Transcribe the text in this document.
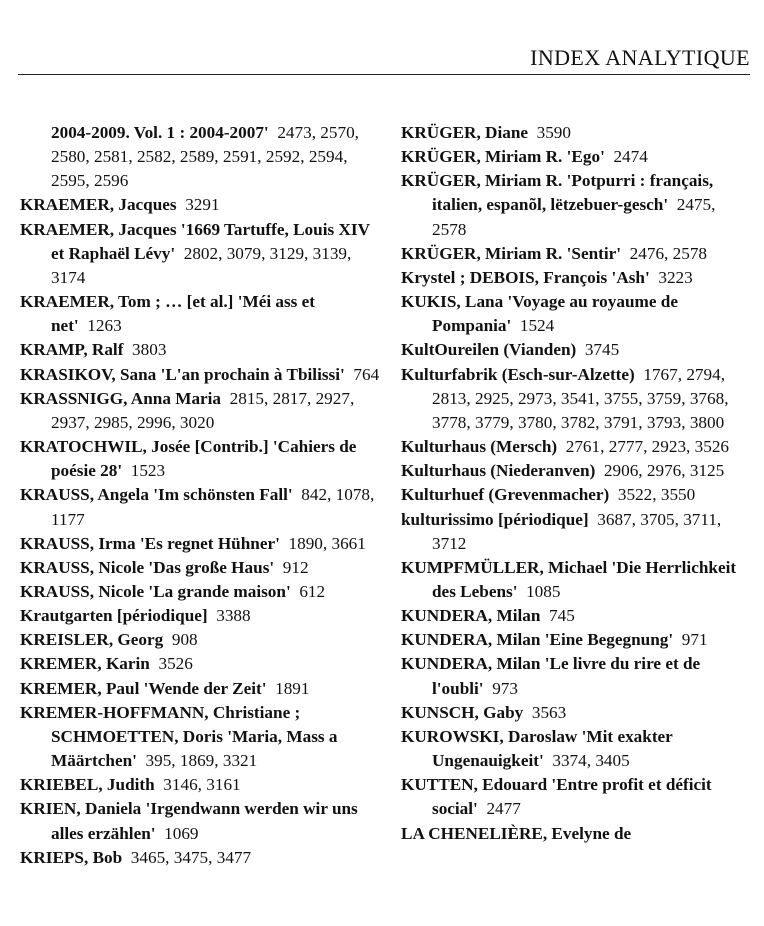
INDEX ANALYTIQUE

2004-2009. Vol. 1 : 2004-2007' 2473, 2570, 2580, 2581, 2582, 2589, 2591, 2592, 2594, 2595, 2596

KRAEMER, Jacques 3291

KRAEMER, Jacques '1669 Tartuffe, Louis XIV et Raphaël Lévy' 2802, 3079, 3129, 3139, 3174

KRAEMER, Tom ; … [et al.] 'Méi ass et net' 1263

KRAMP, Ralf 3803

KRASIKOV, Sana 'L'an prochain à Tbilissi' 764

KRASSNIGG, Anna Maria 2815, 2817, 2927, 2937, 2985, 2996, 3020

KRATOCHWIL, Josée [Contrib.] 'Cahiers de poésie 28' 1523

KRAUSS, Angela 'Im schönsten Fall' 842, 1078, 1177

KRAUSS, Irma 'Es regnet Hühner' 1890, 3661

KRAUSS, Nicole 'Das große Haus' 912

KRAUSS, Nicole 'La grande maison' 612

Krautgarten [périodique] 3388

KREISLER, Georg 908

KREMER, Karin 3526

KREMER, Paul 'Wende der Zeit' 1891

KREMER-HOFFMANN, Christiane ; SCHMOETTEN, Doris 'Maria, Mass a Määrtchen' 395, 1869, 3321

KRIEBEL, Judith 3146, 3161

KRIEN, Daniela 'Irgendwann werden wir uns alles erzählen' 1069

KRIEPS, Bob 3465, 3475, 3477

KRÜGER, Diane 3590

KRÜGER, Miriam R. 'Ego' 2474

KRÜGER, Miriam R. 'Potpurri : français, italien, espanõl, lëtzebuer-gesch' 2475, 2578

KRÜGER, Miriam R. 'Sentir' 2476, 2578

Krystel ; DEBOIS, François 'Ash' 3223

KUKIS, Lana 'Voyage au royaume de Pompania' 1524

KultOureilen (Vianden) 3745

Kulturfabrik (Esch-sur-Alzette) 1767, 2794, 2813, 2925, 2973, 3541, 3755, 3759, 3768, 3778, 3779, 3780, 3782, 3791, 3793, 3800

Kulturhaus (Mersch) 2761, 2777, 2923, 3526

Kulturhaus (Niederanven) 2906, 2976, 3125

Kulturhuef (Grevenmacher) 3522, 3550

kulturissimo [périodique] 3687, 3705, 3711, 3712

KUMPFMÜLLER, Michael 'Die Herrlichkeit des Lebens' 1085

KUNDERA, Milan 745

KUNDERA, Milan 'Eine Begegnung' 971

KUNDERA, Milan 'Le livre du rire et de l'oubli' 973

KUNSCH, Gaby 3563

KUROWSKI, Daroslaw 'Mit exakter Ungenauigkeit' 3374, 3405

KUTTEN, Edouard 'Entre profit et déficit social' 2477

LA CHENELIÈRE, Evelyne de
